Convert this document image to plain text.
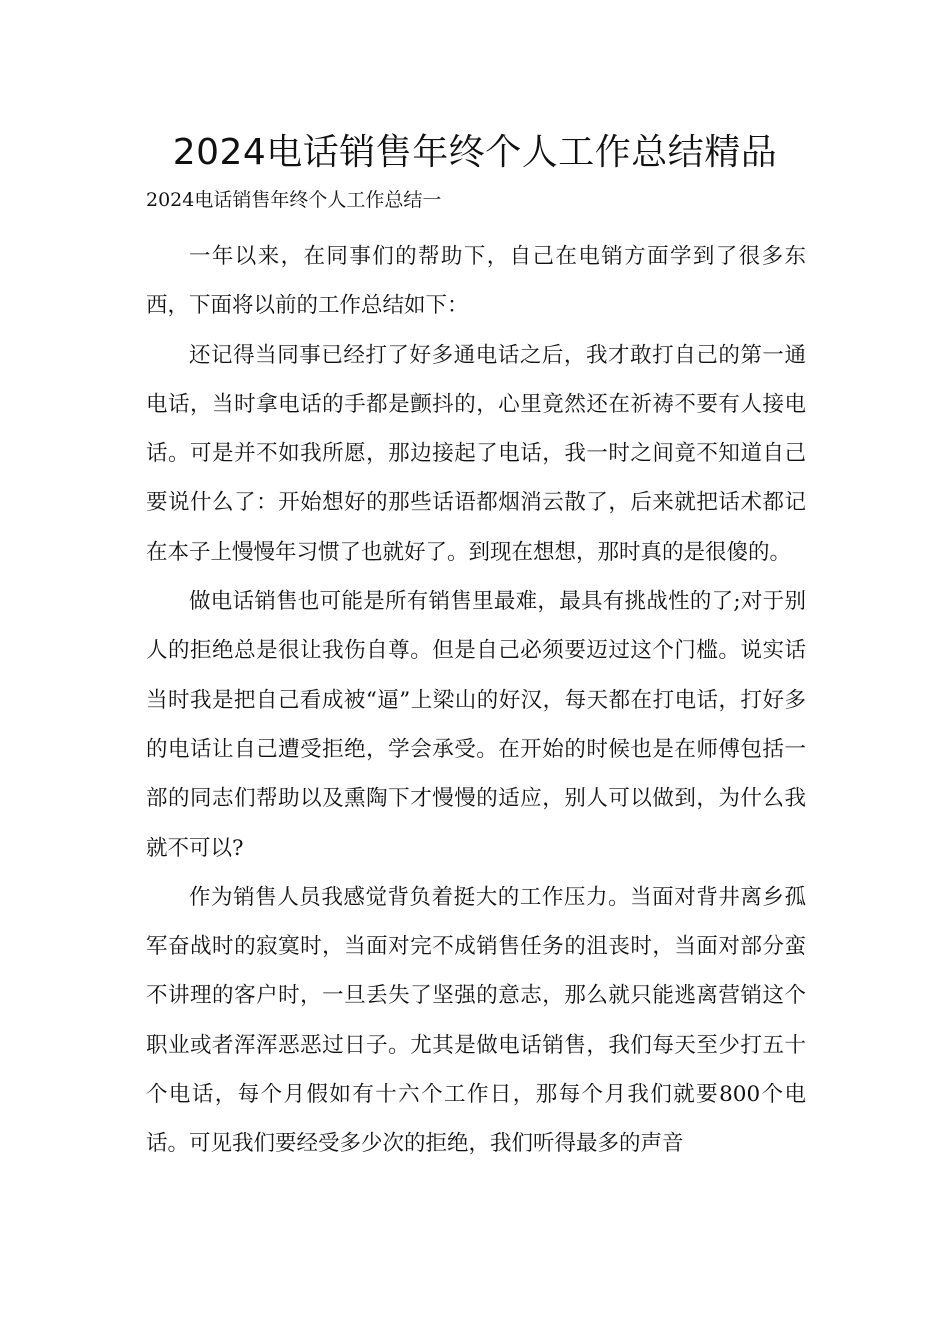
2024电话销售年终个人工作总结精品

2024电话销售年终个人工作总结一

一年以来，在同事们的帮助下，自己在电销方面学到了很多东西，下面将以前的工作总结如下：

还记得当同事已经打了好多通电话之后，我才敢打自己的第一通电话，当时拿电话的手都是颤抖的，心里竟然还在祈祷不要有人接电话。可是并不如我所愿，那边接起了电话，我一时之间竟不知道自己要说什么了：开始想好的那些话语都烟消云散了，后来就把话术都记在本子上慢慢年习惯了也就好了。到现在想想，那时真的是很傻的。

做电话销售也可能是所有销售里最难，最具有挑战性的了;对于别人的拒绝总是很让我伤自尊。但是自己必须要迈过这个门槛。说实话当时我是把自己看成被“逼”上梁山的好汉，每天都在打电话，打好多的电话让自己遭受拒绝，学会承受。在开始的时候也是在师傅包括一部的同志们帮助以及熏陶下才慢慢的适应，别人可以做到，为什么我就不可以?

作为销售人员我感觉背负着挺大的工作压力。当面对背井离乡孤军奋战时的寂寞时，当面对完不成销售任务的沮丧时，当面对部分蛮不讲理的客户时，一旦丢失了坚强的意志，那么就只能逃离营销这个职业或者浑浑恶恶过日子。尤其是做电话销售，我们每天至少打五十个电话，每个月假如有十六个工作日，那每个月我们就要800个电话。可见我们要经受多少次的拒绝，我们听得最多的声音
